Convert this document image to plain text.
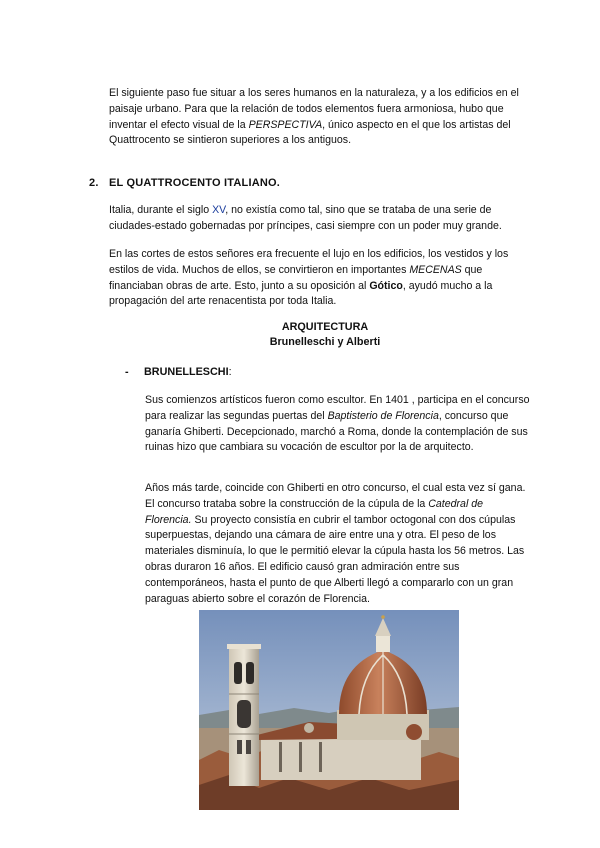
El siguiente paso fue situar a los seres humanos en la naturaleza, y a los edificios en el paisaje urbano. Para que la relación de todos elementos fuera armoniosa, hubo que inventar el efecto visual de la PERSPECTIVA, único aspecto en el que los artistas del Quattrocento se sintieron superiores a los antiguos.

2. EL QUATTROCENTO ITALIANO.

Italia, durante el siglo XV, no existía como tal, sino que se trataba de una serie de ciudades-estado gobernadas por príncipes, casi siempre con un poder muy grande.

En las cortes de estos señores era frecuente el lujo en los edificios, los vestidos y los estilos de vida. Muchos de ellos, se convirtieron en importantes MECENAS que financiaban obras de arte. Esto, junto a su oposición al Gótico, ayudó mucho a la propagación del arte renacentista por toda Italia.

ARQUITECTURA
Brunelleschi y Alberti

- BRUNELLESCHI:

Sus comienzos artísticos fueron como escultor. En 1401 , participa en el concurso para realizar las segundas puertas del Baptisterio de Florencia, concurso que ganaría Ghiberti. Decepcionado, marchó a Roma, donde la contemplación de sus ruinas hizo que cambiara su vocación de escultor por la de arquitecto.

Años más tarde, coincide con Ghiberti en otro concurso, el cual esta vez sí gana. El concurso trataba sobre la construcción de la cúpula de la Catedral de Florencia. Su proyecto consistía en cubrir el tambor octogonal con dos cúpulas superpuestas, dejando una cámara de aire entre una y otra. El peso de los materiales disminuía, lo que le permitió elevar la cúpula hasta los 56 metros. Las obras duraron 16 años. El edificio causó gran admiración entre sus contemporáneos, hasta el punto de que Alberti llegó a compararlo con un gran paraguas abierto sobre el corazón de Florencia.
